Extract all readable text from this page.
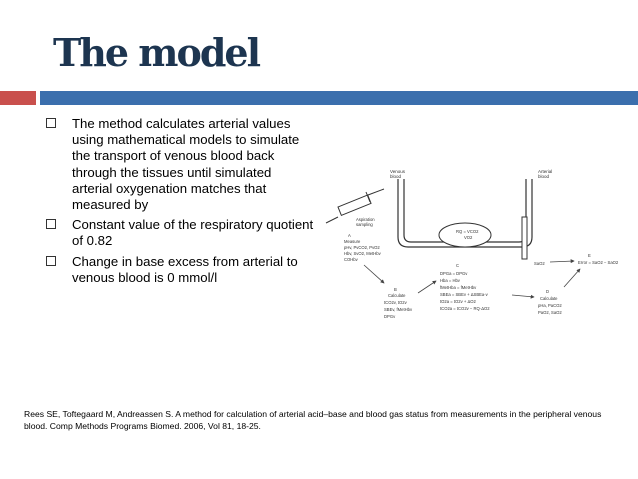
The model
The method calculates arterial values using mathematical models to simulate the transport of venous blood back through the tissues until simulated arterial oxygenation matches that measured by
Constant value of the respiratory quotient of 0.82
Change in base excess from arterial to venous blood is 0 mmol/l
RQ = VCO2
VO2
Venous
blood
Arterial
blood
Aspiration
sampling
SaO2
A
Measure
pHv, PvCO2, PvO2
Hbv, SvO2, MetHbv
COHbv
B
Calculate
tCO2v, tO2v
SBEv, fMetHbv
DPGv
C
DPGa = DPGv
Hba = Hbv
fMetHba = fMetHbv
SBEa = SBEv + ΔSBEa-v
tO2a = tO2v + ΔO2
tCO2a = tCO2v − RQ·ΔO2
D
Calculate
pHa, PaCO2
PaO2, SaO2
E
Error = SaO2 − SaO2

Rees SE, Toftegaard M, Andreassen S. A method for calculation of arterial acid–base and blood gas status from measurements in the peripheral venous blood. Comp Methods Programs Biomed. 2006, Vol 81, 18-25.
